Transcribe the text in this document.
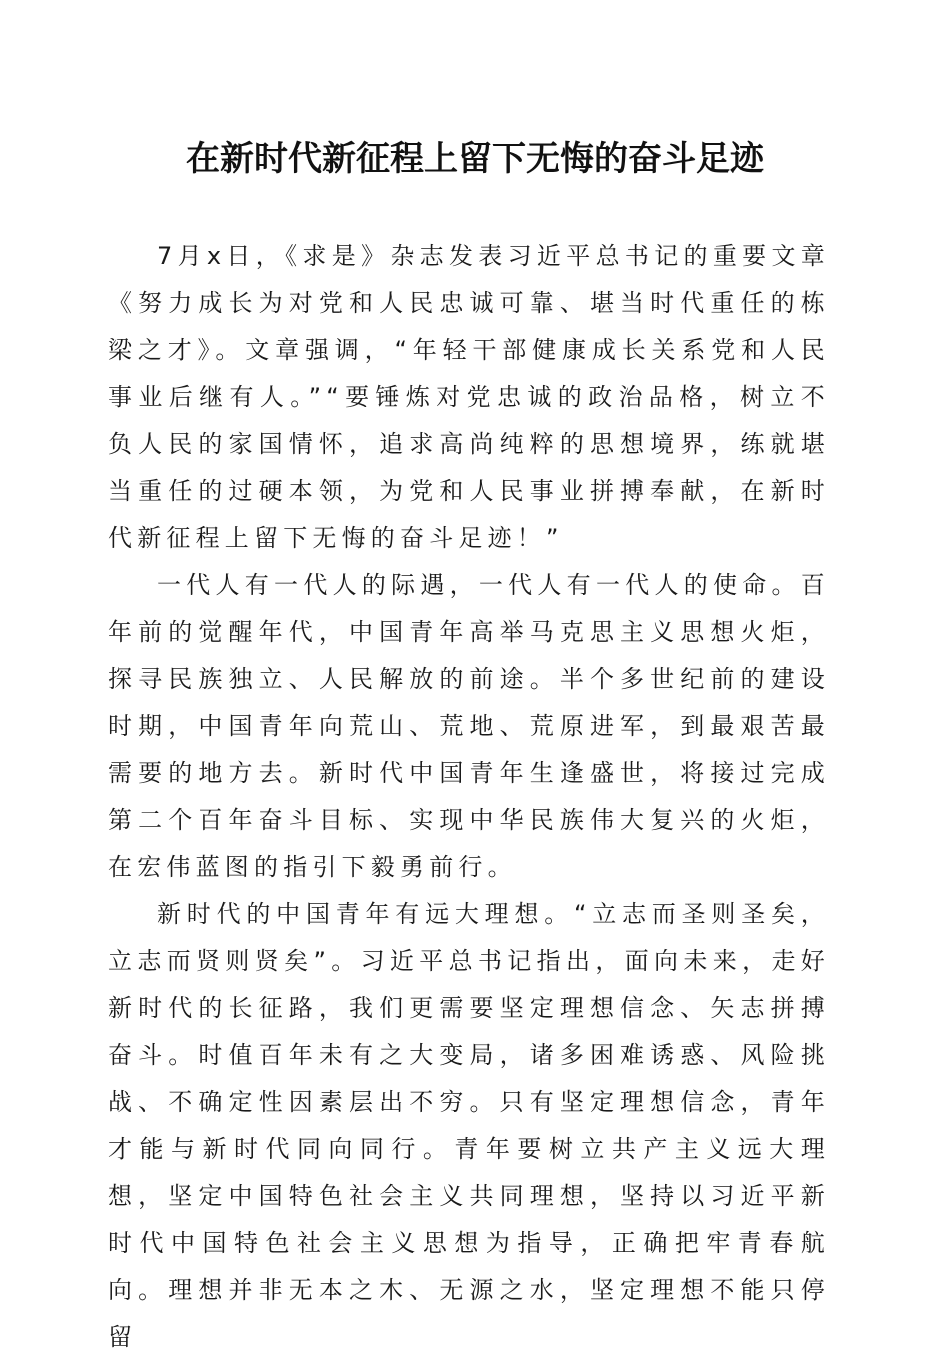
在新时代新征程上留下无悔的奋斗足迹

7月x日，《求是》杂志发表习近平总书记的重要文章《努力成长为对党和人民忠诚可靠、堪当时代重任的栋梁之才》。文章强调，“年轻干部健康成长关系党和人民事业后继有人。”“要锤炼对党忠诚的政治品格，树立不负人民的家国情怀，追求高尚纯粹的思想境界，练就堪当重任的过硬本领，为党和人民事业拼搏奉献，在新时代新征程上留下无悔的奋斗足迹！”

一代人有一代人的际遇，一代人有一代人的使命。百年前的觉醒年代，中国青年高举马克思主义思想火炬，探寻民族独立、人民解放的前途。半个多世纪前的建设时期，中国青年向荒山、荒地、荒原进军，到最艰苦最需要的地方去。新时代中国青年生逢盛世，将接过完成第二个百年奋斗目标、实现中华民族伟大复兴的火炬，在宏伟蓝图的指引下毅勇前行。

新时代的中国青年有远大理想。“立志而圣则圣矣，立志而贤则贤矣”。习近平总书记指出，面向未来，走好新时代的长征路，我们更需要坚定理想信念、矢志拼搏奋斗。时值百年未有之大变局，诸多困难诱惑、风险挑战、不确定性因素层出不穷。只有坚定理想信念，青年才能与新时代同向同行。青年要树立共产主义远大理想，坚定中国特色社会主义共同理想，坚持以习近平新时代中国特色社会主义思想为指导，正确把牢青春航向。理想并非无本之木、无源之水，坚定理想不能只停留
